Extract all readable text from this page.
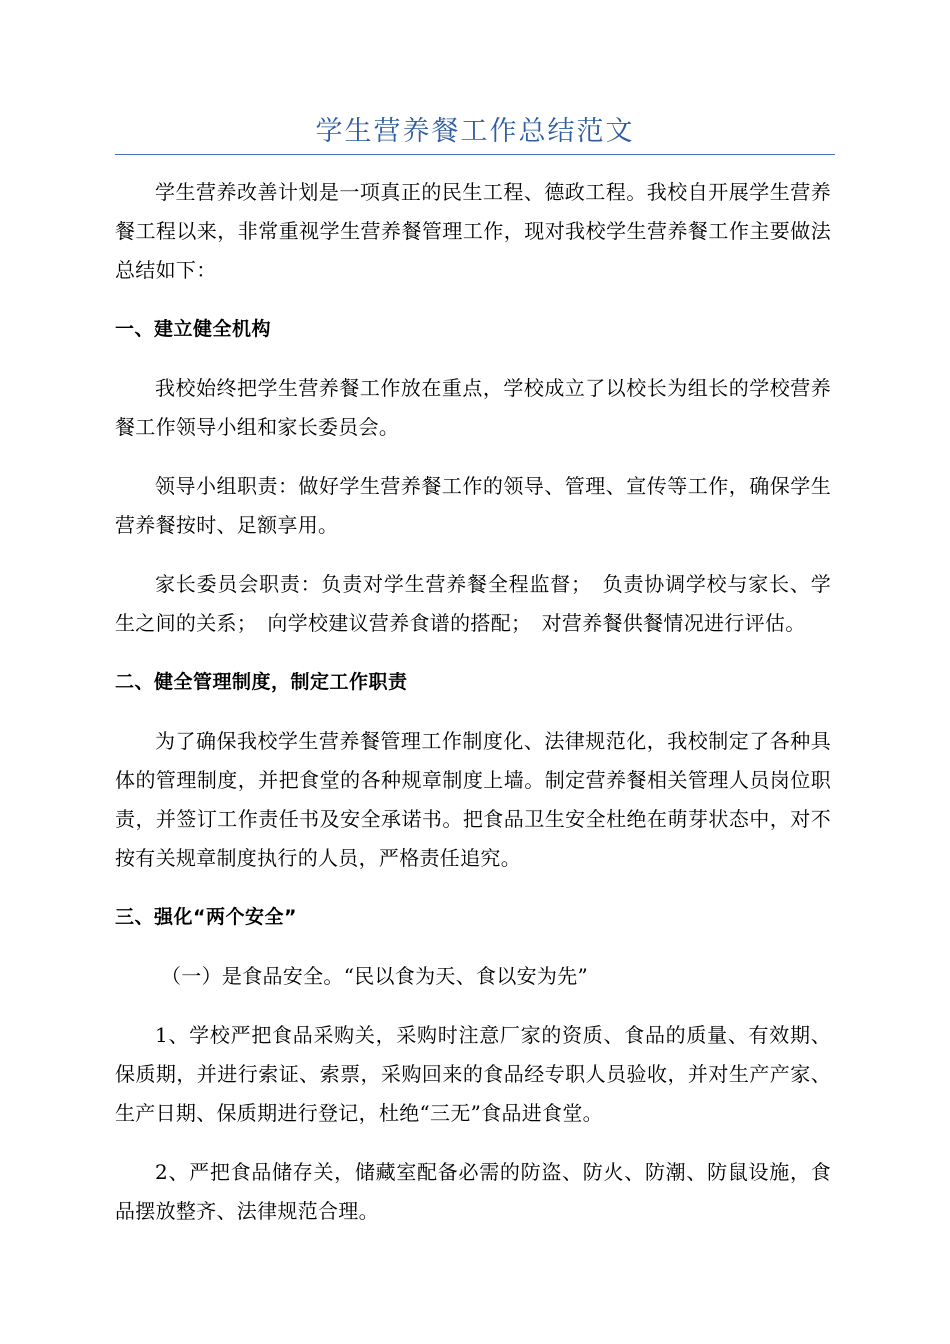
学生营养餐工作总结范文

学生营养改善计划是一项真正的民生工程、德政工程。我校自开展学生营养餐工程以来，非常重视学生营养餐管理工作，现对我校学生营养餐工作主要做法总结如下：

一、建立健全机构

我校始终把学生营养餐工作放在重点，学校成立了以校长为组长的学校营养餐工作领导小组和家长委员会。

领导小组职责：做好学生营养餐工作的领导、管理、宣传等工作，确保学生营养餐按时、足额享用。

家长委员会职责：负责对学生营养餐全程监督；　负责协调学校与家长、学生之间的关系；　向学校建议营养食谱的搭配；　对营养餐供餐情况进行评估。

二、健全管理制度，制定工作职责

为了确保我校学生营养餐管理工作制度化、法律规范化，我校制定了各种具体的管理制度，并把食堂的各种规章制度上墙。制定营养餐相关管理人员岗位职责，并签订工作责任书及安全承诺书。把食品卫生安全杜绝在萌芽状态中，对不按有关规章制度执行的人员，严格责任追究。

三、强化“两个安全”
（一）是食品安全。“民以食为天、食以安为先”

1、学校严把食品采购关，采购时注意厂家的资质、食品的质量、有效期、保质期，并进行索证、索票，采购回来的食品经专职人员验收，并对生产产家、生产日期、保质期进行登记，杜绝“三无”食品进食堂。

2、严把食品储存关，储藏室配备必需的防盗、防火、防潮、防鼠设施，食品摆放整齐、法律规范合理。
